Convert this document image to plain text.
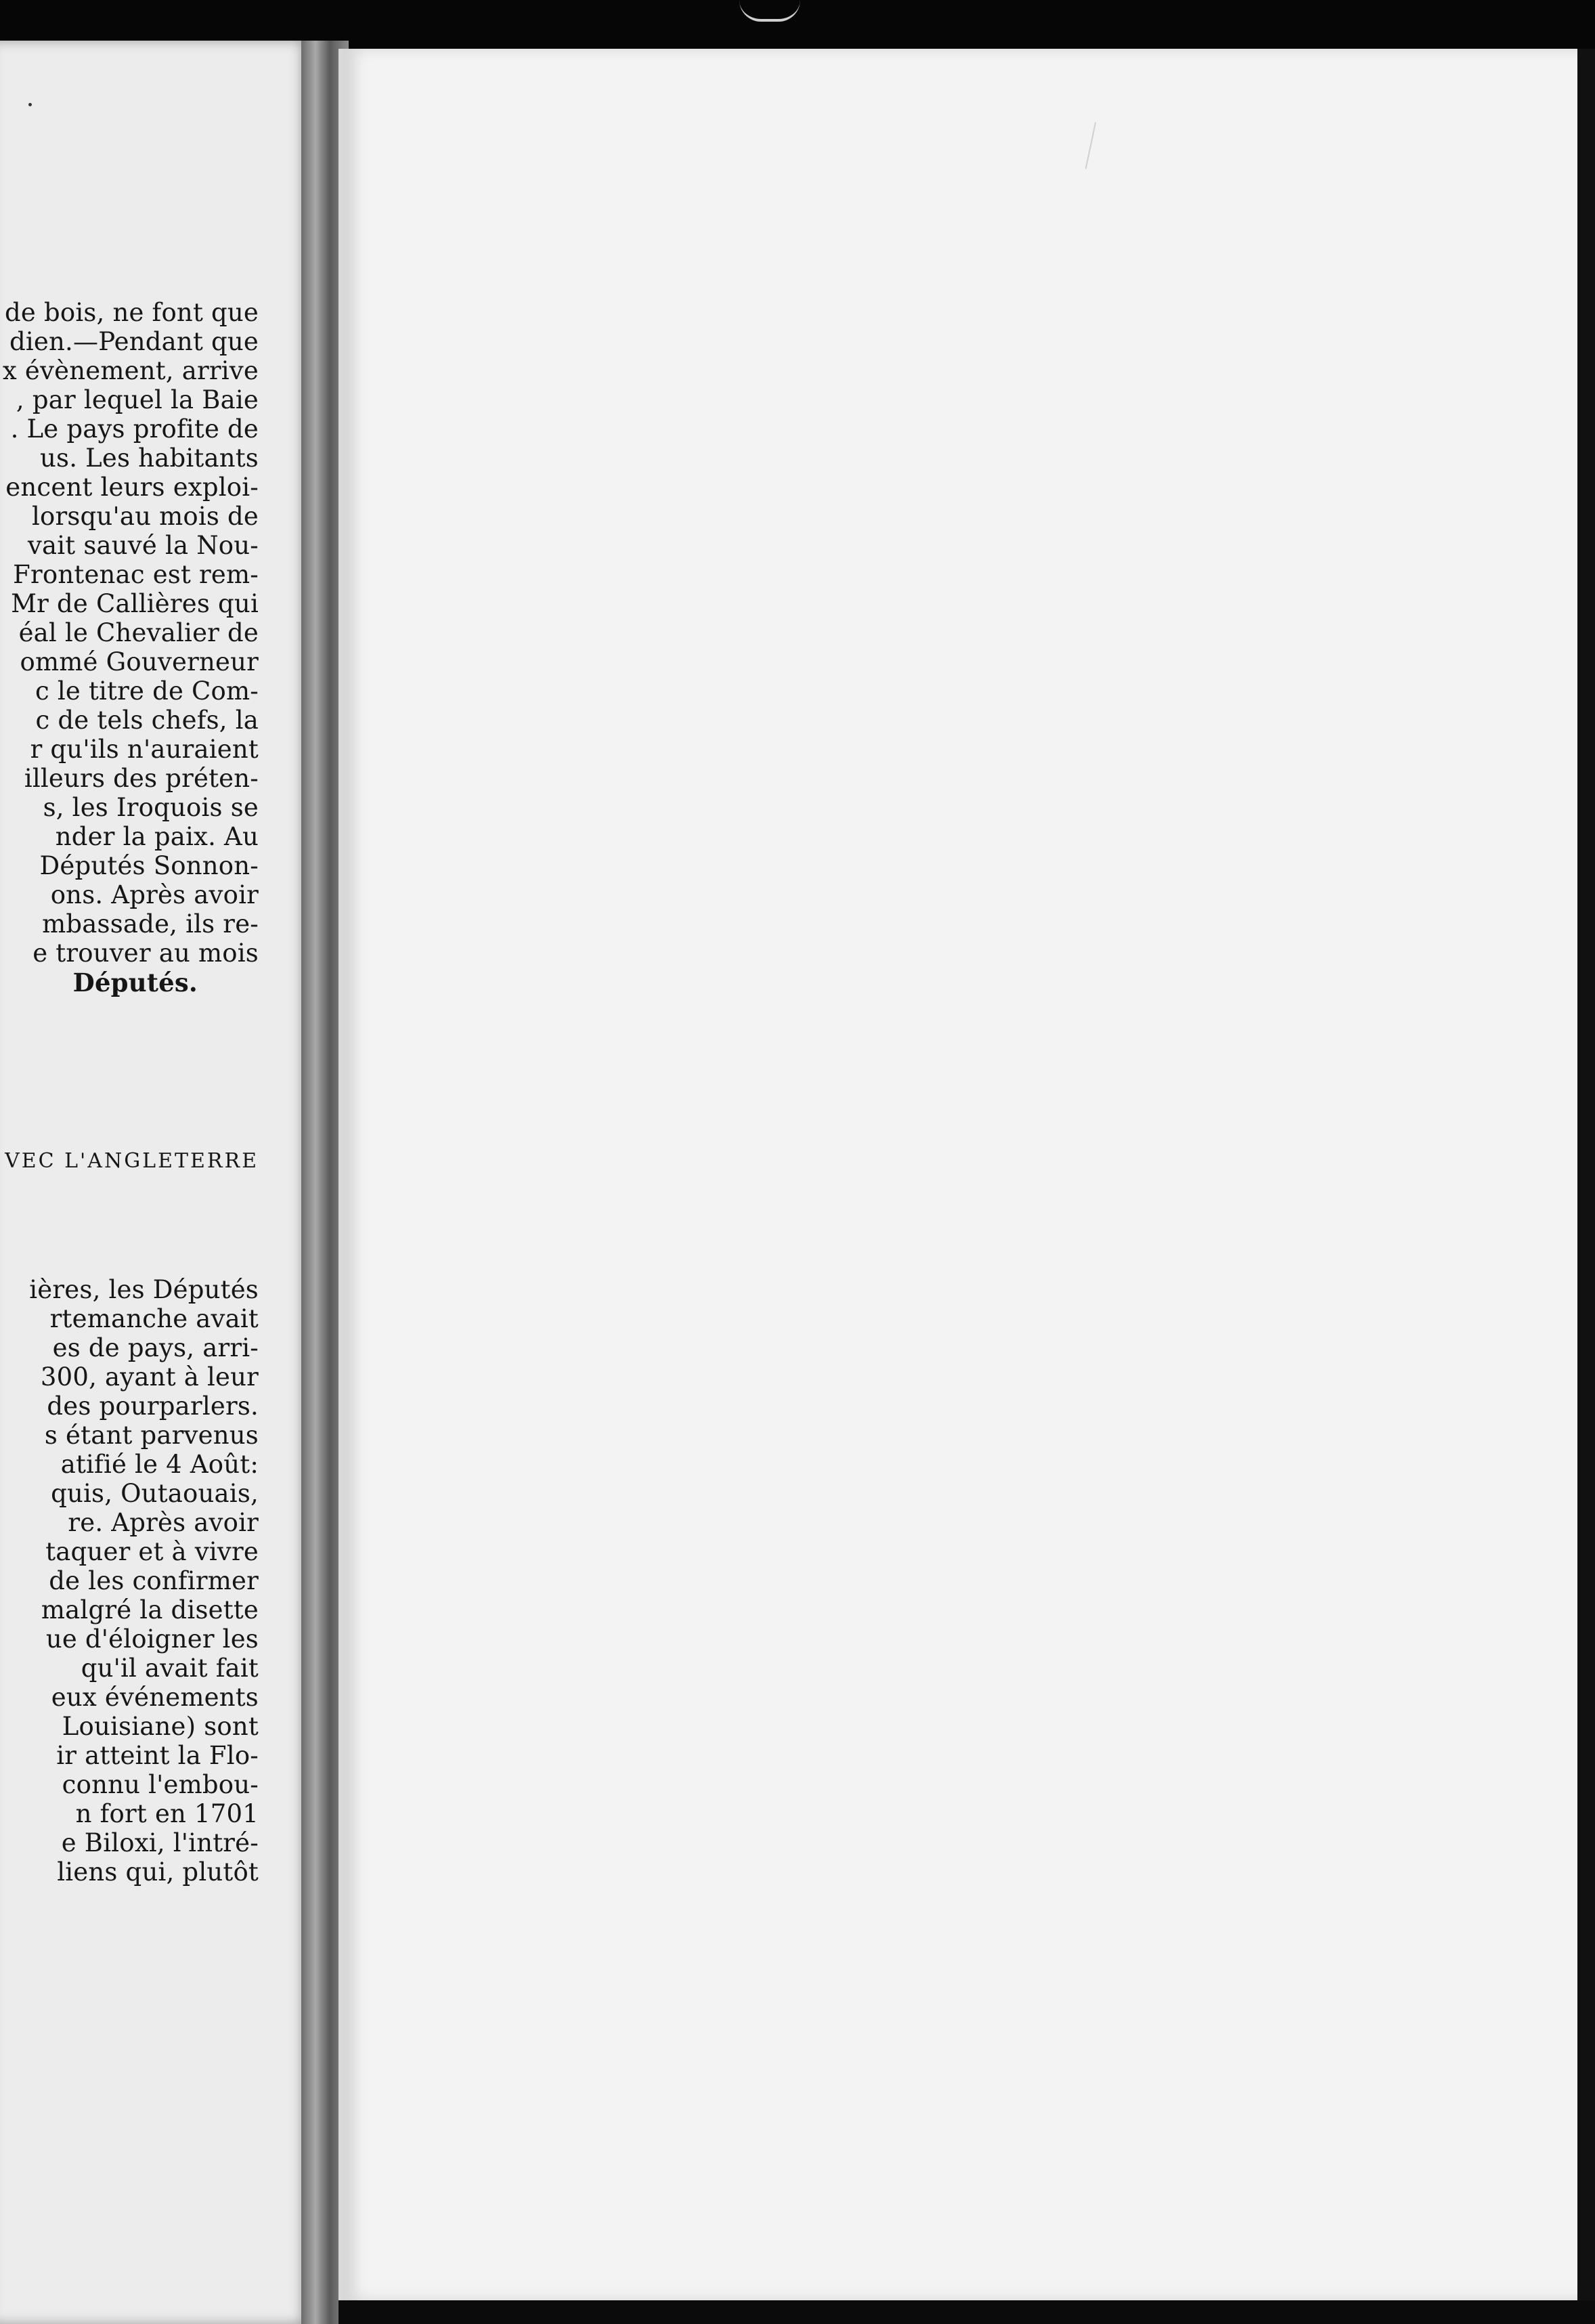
de bois, ne font que
dien.—Pendant que
x évènement, arrive
, par lequel la Baie
. Le pays profite de
us. Les habitants
encent leurs exploi-
lorsqu'au mois de
vait sauvé la Nou-
Frontenac est rem-
Mr de Callières qui
éal le Chevalier de
ommé Gouverneur
c le titre de Com-
c de tels chefs, la
r qu'ils n'auraient
illeurs des préten-
s, les Iroquois se
nder la paix. Au
Députés Sonnon-
ons. Après avoir
mbassade, ils re-
e trouver au mois
Députés.
VEC L'ANGLETERRE
ières, les Députés
rtemanche avait
es de pays, arri-
300, ayant à leur
des pourparlers.
s étant parvenus
atifié le 4 Août:
quis, Outaouais,
re. Après avoir
taquer et à vivre
de les confirmer
malgré la disette
ue d'éloigner les
qu'il avait fait
eux événements
Louisiane) sont
ir atteint la Flo-
connu l'embou-
n fort en 1701
e Biloxi, l'intré-
liens qui, plutôt
